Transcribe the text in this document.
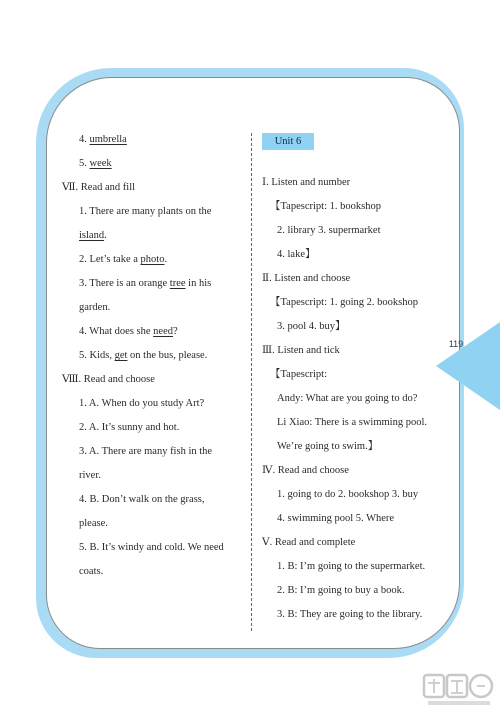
119
4. umbrella
5. week
Ⅶ. Read and fill
1. There are many plants on the
island.
2. Let’s take a photo.
3. There is an orange tree in his
garden.
4. What does she need?
5. Kids, get on the bus, please.
Ⅷ. Read and choose
1. A. When do you study Art?
2. A. It’s sunny and hot.
3. A. There are many fish in the
river.
4. B. Don’t walk on the grass,
please.
5. B. It’s windy and cold. We need
coats.
Unit 6
Ⅰ. Listen and number
【Tapescript: 1. bookshop
2. library 3. supermarket
4. lake】
Ⅱ. Listen and choose
【Tapescript: 1. going 2. bookshop
3. pool 4. buy】
Ⅲ. Listen and tick
【Tapescript:
Andy: What are you going to do?
Li Xiao: There is a swimming pool.
We’re going to swim.】
Ⅳ. Read and choose
1. going to do 2. bookshop 3. buy
4. swimming pool 5. Where
Ⅴ. Read and complete
1. B: I’m going to the supermarket.
2. B: I’m going to buy a book.
3. B: They are going to the library.
